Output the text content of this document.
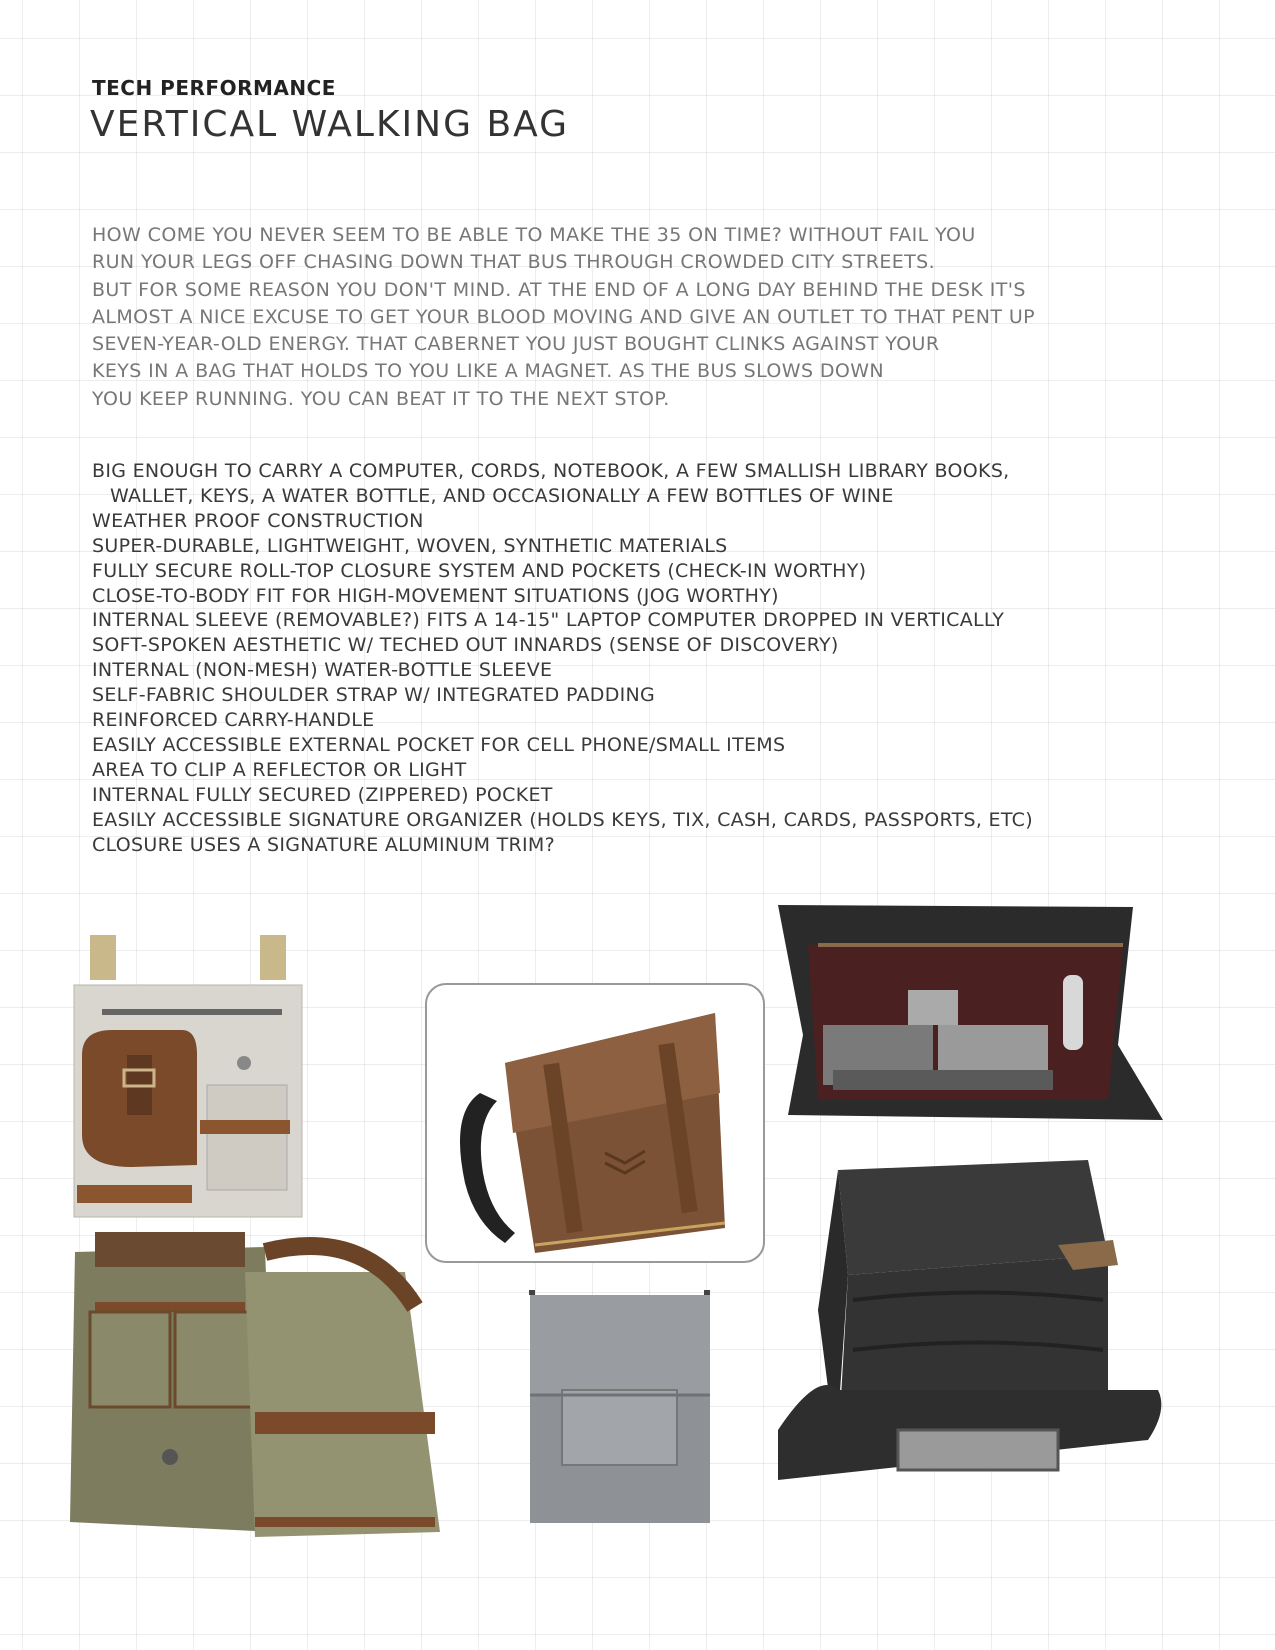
TECH PERFORMANCE
VERTICAL WALKING BAG
HOW COME YOU NEVER SEEM TO BE ABLE TO MAKE THE 35 ON TIME? WITHOUT FAIL YOU
RUN YOUR LEGS OFF CHASING DOWN THAT BUS THROUGH CROWDED CITY STREETS.
BUT FOR SOME REASON YOU DON'T MIND. AT THE END OF A LONG DAY BEHIND THE DESK IT'S
ALMOST A NICE EXCUSE TO GET YOUR BLOOD MOVING AND GIVE AN OUTLET TO THAT PENT UP
SEVEN-YEAR-OLD ENERGY. THAT CABERNET YOU JUST BOUGHT CLINKS AGAINST YOUR
KEYS IN A BAG THAT HOLDS TO YOU LIKE A MAGNET. AS THE BUS SLOWS DOWN
YOU KEEP RUNNING. YOU CAN BEAT IT TO THE NEXT STOP.
BIG ENOUGH TO CARRY A COMPUTER, CORDS, NOTEBOOK, A FEW SMALLISH LIBRARY BOOKS,
WALLET, KEYS, A WATER BOTTLE, AND OCCASIONALLY A FEW BOTTLES OF WINE
WEATHER PROOF CONSTRUCTION
SUPER-DURABLE, LIGHTWEIGHT, WOVEN, SYNTHETIC MATERIALS
FULLY SECURE ROLL-TOP CLOSURE SYSTEM AND POCKETS (CHECK-IN WORTHY)
CLOSE-TO-BODY FIT FOR HIGH-MOVEMENT SITUATIONS (JOG WORTHY)
INTERNAL SLEEVE (REMOVABLE?) FITS A 14-15" LAPTOP COMPUTER DROPPED IN VERTICALLY
SOFT-SPOKEN AESTHETIC W/ TECHED OUT INNARDS (SENSE OF DISCOVERY)
INTERNAL (NON-MESH) WATER-BOTTLE SLEEVE
SELF-FABRIC SHOULDER STRAP W/ INTEGRATED PADDING
REINFORCED CARRY-HANDLE
EASILY ACCESSIBLE EXTERNAL POCKET FOR CELL PHONE/SMALL ITEMS
AREA TO CLIP A REFLECTOR OR LIGHT
INTERNAL FULLY SECURED (ZIPPERED) POCKET
EASILY ACCESSIBLE SIGNATURE ORGANIZER (HOLDS KEYS, TIX, CASH, CARDS, PASSPORTS, ETC)
CLOSURE USES A SIGNATURE ALUMINUM TRIM?
